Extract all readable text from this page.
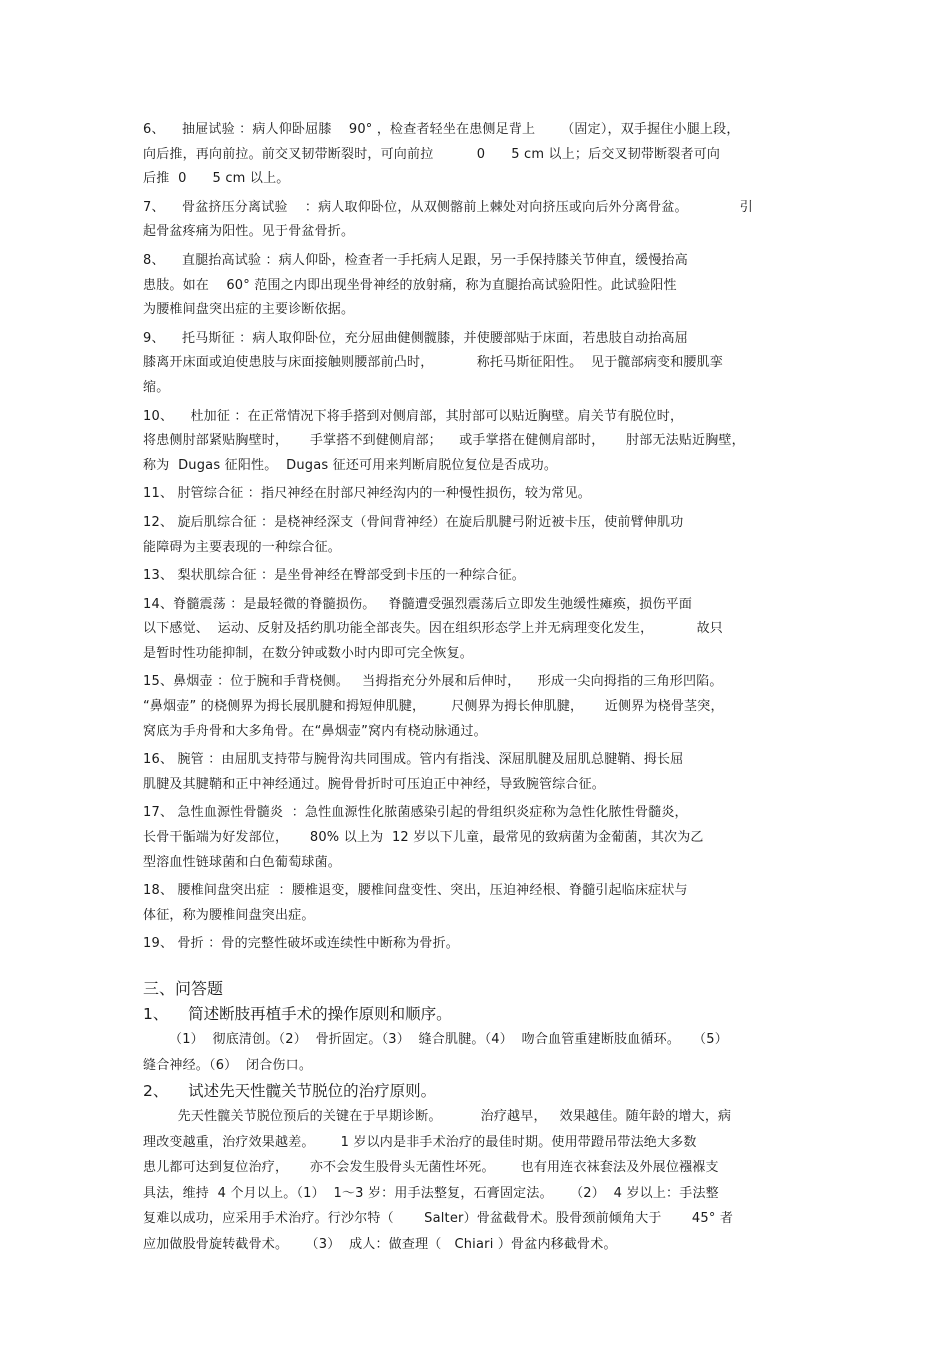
6、    抽屉试验 ：病人仰卧屈膝    90° ，检查者轻坐在患侧足背上      （固定），双手握住小腿上段，
向后推，再向前拉。前交叉韧带断裂时，可向前拉          0      5 cm 以上；后交叉韧带断裂者可向
后推  0      5 cm 以上。
7、    骨盆挤压分离试验    ：病人取仰卧位，从双侧髂前上棘处对向挤压或向后外分离骨盆。            引
起骨盆疼痛为阳性。见于骨盆骨折。
8、    直腿抬高试验 ：病人仰卧，检查者一手托病人足跟，另一手保持膝关节伸直，缓慢抬高
患肢。如在    60° 范围之内即出现坐骨神经的放射痛，称为直腿抬高试验阳性。此试验阳性
为腰椎间盘突出症的主要诊断依据。
9、    托马斯征 ：病人取仰卧位，充分屈曲健侧髋膝，并使腰部贴于床面，若患肢自动抬高屈
膝离开床面或迫使患肢与床面接触则腰部前凸时，          称托马斯征阳性。  见于髋部病变和腰肌挛
缩。
10、    杜加征 ：在正常情况下将手搭到对侧肩部，其肘部可以贴近胸壁。肩关节有脱位时，
将患侧肘部紧贴胸壁时，     手掌搭不到健侧肩部；    或手掌搭在健侧肩部时，     肘部无法贴近胸壁，
称为  Dugas 征阳性。  Dugas 征还可用来判断肩脱位复位是否成功。
11、 肘管综合征 ：指尺神经在肘部尺神经沟内的一种慢性损伤，较为常见。
12、 旋后肌综合征 ：是桡神经深支（骨间背神经）在旋后肌腱弓附近被卡压，使前臂伸肌功
能障碍为主要表现的一种综合征。
13、 梨状肌综合征 ：是坐骨神经在臀部受到卡压的一种综合征。
14、脊髓震荡 ：是最轻微的脊髓损伤。   脊髓遭受强烈震荡后立即发生弛缓性瘫痪，损伤平面
以下感觉、  运动、反射及括约肌功能全部丧失。因在组织形态学上并无病理变化发生，          故只
是暂时性功能抑制，在数分钟或数小时内即可完全恢复。
15、鼻烟壶 ：位于腕和手背桡侧。   当拇指充分外展和后伸时，    形成一尖向拇指的三角形凹陷。
“鼻烟壶” 的桡侧界为拇长展肌腱和拇短伸肌腱，      尺侧界为拇长伸肌腱，     近侧界为桡骨茎突，
窝底为手舟骨和大多角骨。在“鼻烟壶”窝内有桡动脉通过。
16、 腕管 ：由屈肌支持带与腕骨沟共同围成。管内有指浅、深屈肌腱及屈肌总腱鞘、拇长屈
肌腱及其腱鞘和正中神经通过。腕骨骨折时可压迫正中神经，导致腕管综合征。
17、 急性血源性骨髓炎  ：急性血源性化脓菌感染引起的骨组织炎症称为急性化脓性骨髓炎，
长骨干骺端为好发部位，     80% 以上为  12 岁以下儿童，最常见的致病菌为金葡菌，其次为乙
型溶血性链球菌和白色葡萄球菌。
18、 腰椎间盘突出症  ：腰椎退变，腰椎间盘变性、突出，压迫神经根、脊髓引起临床症状与
体征，称为腰椎间盘突出症。
19、 骨折 ：骨的完整性破坏或连续性中断称为骨折。
三、问答题
1、    简述断肢再植手术的操作原则和顺序。
（1）  彻底清创。（2）  骨折固定。（3）  缝合肌腱。（4）  吻合血管重建断肢血循环。   （5）
缝合神经。（6）  闭合伤口。
2、    试述先天性髋关节脱位的治疗原则。
先天性髋关节脱位预后的关键在于早期诊断。         治疗越早，   效果越佳。随年龄的增大，病
理改变越重，治疗效果越差。      1 岁以内是非手术治疗的最佳时期。使用带蹬吊带法绝大多数
患儿都可达到复位治疗，     亦不会发生股骨头无菌性坏死。      也有用连衣袜套法及外展位襁褓支
具法，维持  4 个月以上。（1）  1～3 岁：用手法整复，石膏固定法。    （2）  4 岁以上：手法整
复难以成功，应采用手术治疗。行沙尔特（       Salter）骨盆截骨术。股骨颈前倾角大于       45° 者
应加做股骨旋转截骨术。    （3）  成人：做查理（   Chiari ）骨盆内移截骨术。
